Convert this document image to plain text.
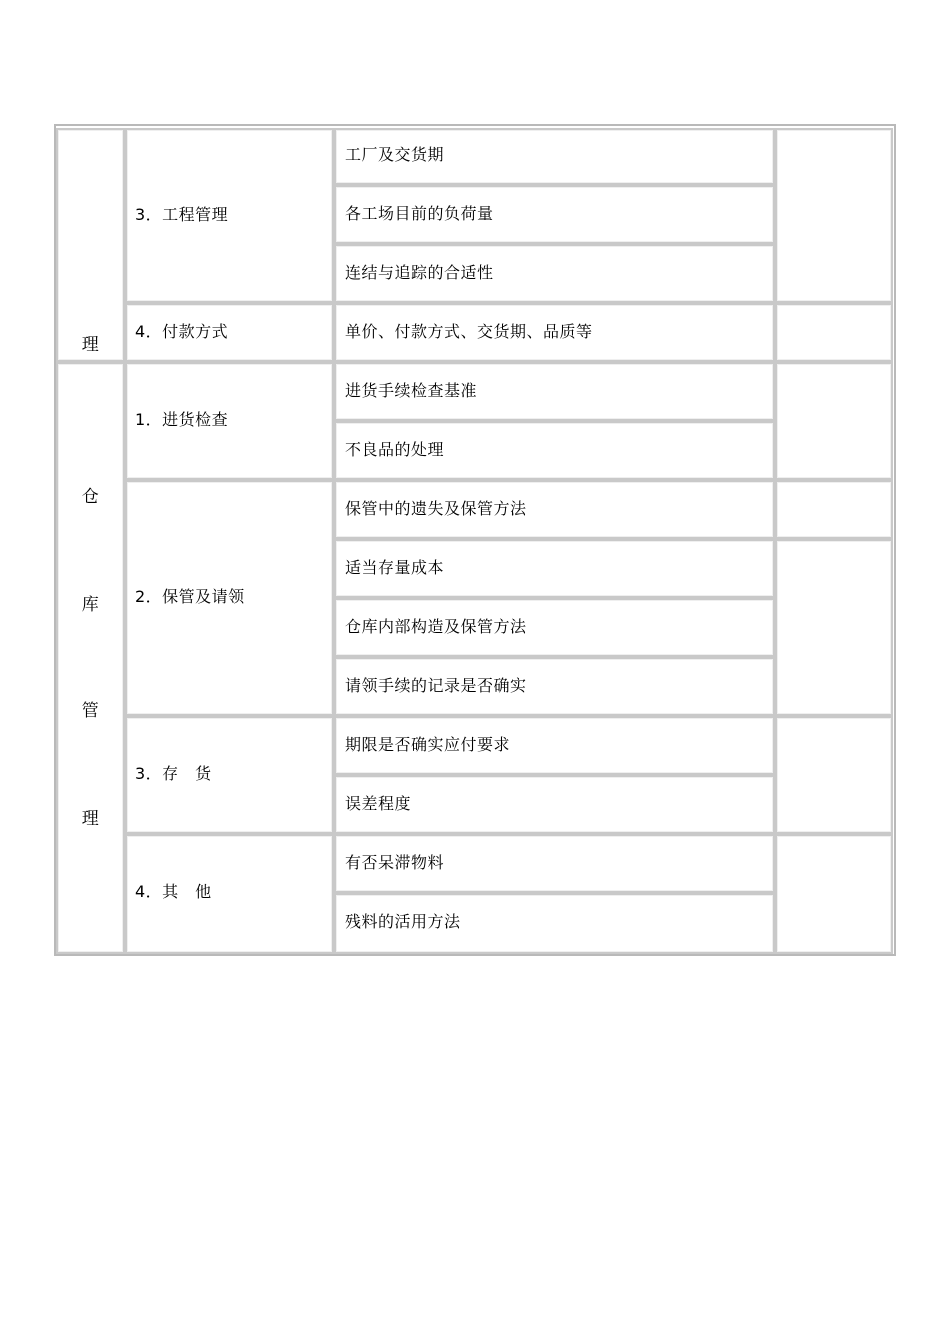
理
3．工程管理
工厂及交货期
各工场目前的负荷量
连结与追踪的合适性
4．付款方式	单价、付款方式、交货期、品质等
仓
库
管
理
1．进货检查
进货手续检查基准
不良品的处理
2．保管及请领
保管中的遗失及保管方法
适当存量成本
仓库内部构造及保管方法
请领手续的记录是否确实
3．存　货
期限是否确实应付要求
误差程度
4．其　他
有否呆滞物料
残料的活用方法
